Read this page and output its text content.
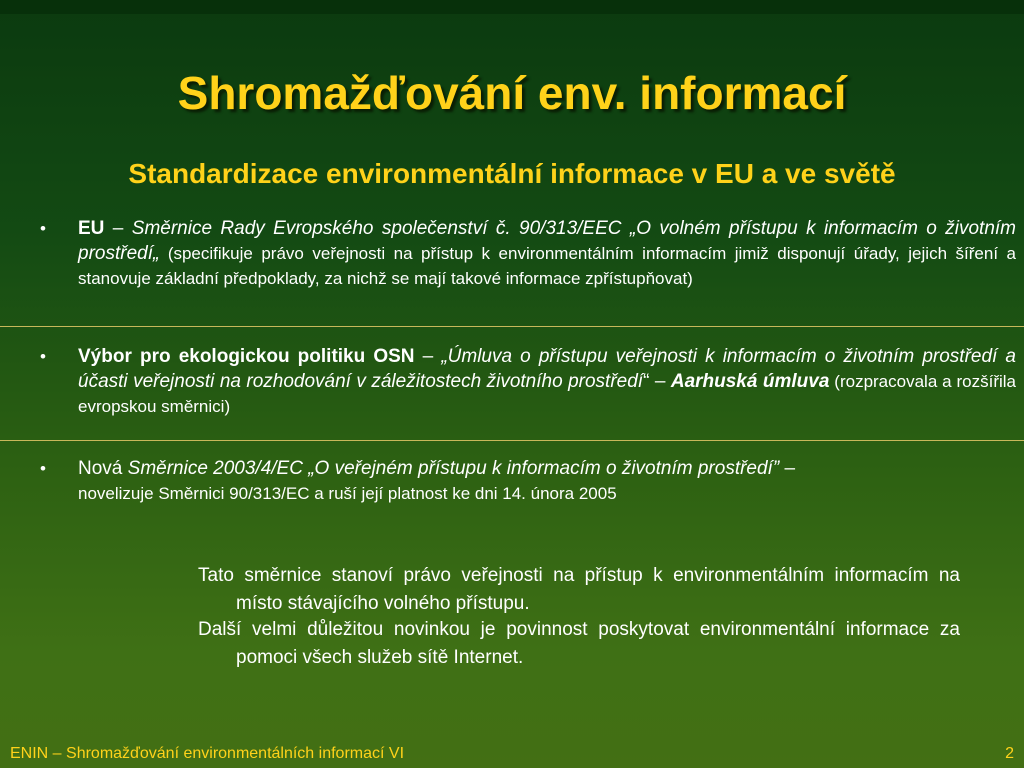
Shromažďování env. informací
Standardizace environmentální informace v EU a ve světě
• EU – Směrnice Rady Evropského společenství č. 90/313/EEC „O volném přístupu k informacím o životním prostředí„ (specifikuje právo veřejnosti na přístup k environmentálním informacím jimiž disponují úřady, jejich šíření a stanovuje základní předpoklady, za nichž se mají takové informace zpřístupňovat)
• Výbor pro ekologickou politiku OSN – „Úmluva o přístupu veřejnosti k informacím o životním prostředí a účasti veřejnosti na rozhodování v záležitostech životního prostředí“ – Aarhuská úmluva (rozpracovala a rozšířila evropskou směrnici)
• Nová Směrnice 2003/4/EC „O veřejném přístupu k informacím o životním prostředí” –
novelizuje Směrnici 90/313/EC a ruší její platnost ke dni 14. února 2005
Tato směrnice stanoví právo veřejnosti na přístup k environmentálním informacím na místo stávajícího volného přístupu.
Další velmi důležitou novinkou je povinnost poskytovat environmentální informace za pomoci všech služeb sítě Internet.
ENIN – Shromažďování environmentálních informací VI	2
